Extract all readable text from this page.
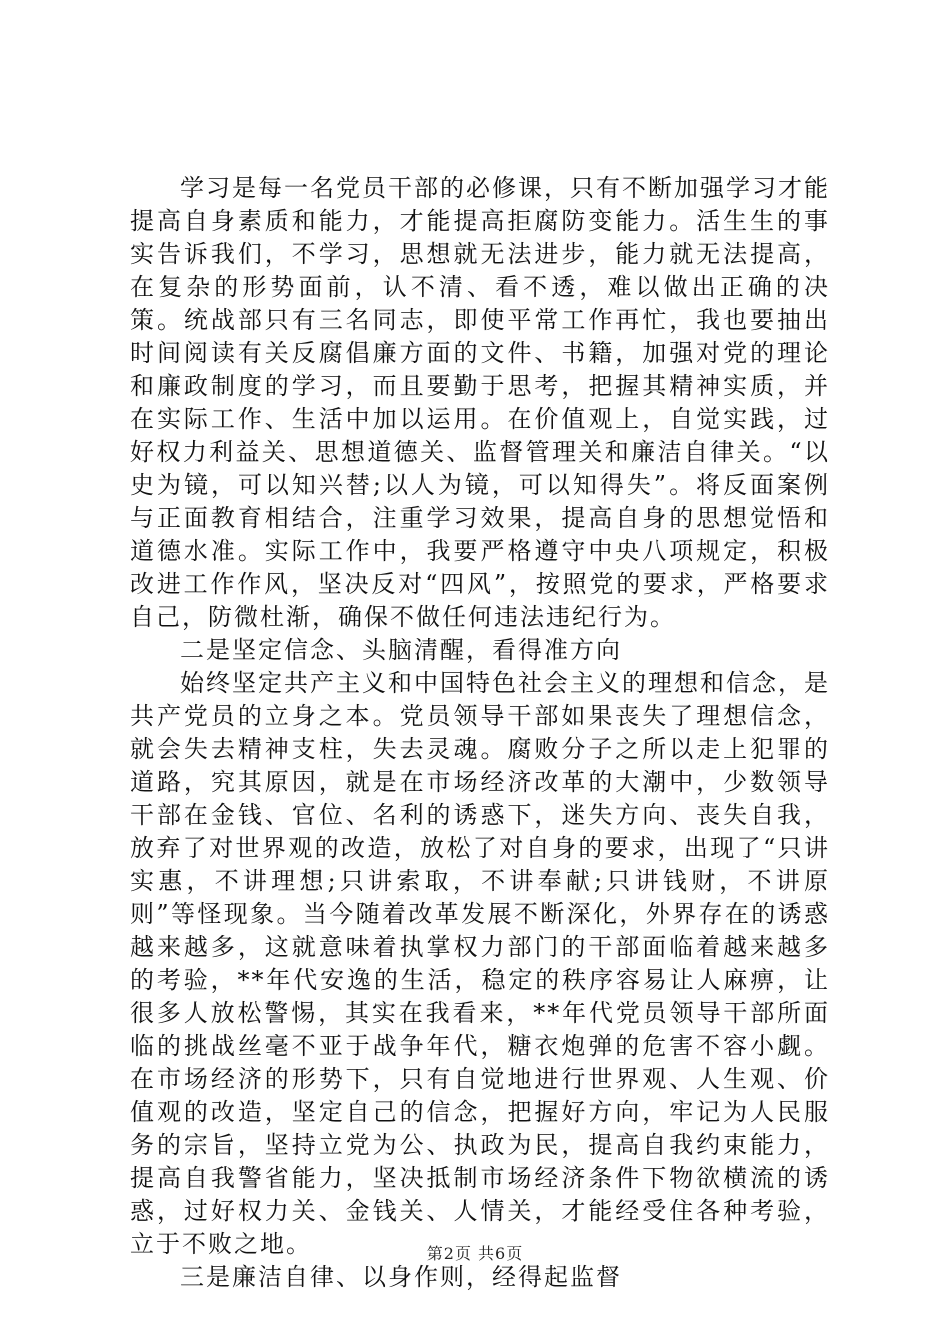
学习是每一名党员干部的必修课，只有不断加强学习才能提高自身素质和能力，才能提高拒腐防变能力。活生生的事实告诉我们，不学习，思想就无法进步，能力就无法提高，在复杂的形势面前，认不清、看不透，难以做出正确的决策。统战部只有三名同志，即使平常工作再忙，我也要抽出时间阅读有关反腐倡廉方面的文件、书籍，加强对党的理论和廉政制度的学习，而且要勤于思考，把握其精神实质，并在实际工作、生活中加以运用。在价值观上，自觉实践，过好权力利益关、思想道德关、监督管理关和廉洁自律关。“以史为镜，可以知兴替;以人为镜，可以知得失”。将反面案例与正面教育相结合，注重学习效果，提高自身的思想觉悟和道德水准。实际工作中，我要严格遵守中央八项规定，积极改进工作作风，坚决反对“四风”，按照党的要求，严格要求自己，防微杜渐，确保不做任何违法违纪行为。

二是坚定信念、头脑清醒，看得准方向

始终坚定共产主义和中国特色社会主义的理想和信念，是共产党员的立身之本。党员领导干部如果丧失了理想信念，就会失去精神支柱，失去灵魂。腐败分子之所以走上犯罪的道路，究其原因，就是在市场经济改革的大潮中，少数领导干部在金钱、官位、名利的诱惑下，迷失方向、丧失自我，放弃了对世界观的改造，放松了对自身的要求，出现了“只讲实惠，不讲理想;只讲索取，不讲奉献;只讲钱财，不讲原则”等怪现象。当今随着改革发展不断深化，外界存在的诱惑越来越多，这就意味着执掌权力部门的干部面临着越来越多的考验，**年代安逸的生活，稳定的秩序容易让人麻痹，让很多人放松警惕，其实在我看来，**年代党员领导干部所面临的挑战丝毫不亚于战争年代，糖衣炮弹的危害不容小觑。在市场经济的形势下，只有自觉地进行世界观、人生观、价值观的改造，坚定自己的信念，把握好方向，牢记为人民服务的宗旨，坚持立党为公、执政为民，提高自我约束能力，提高自我警省能力，坚决抵制市场经济条件下物欲横流的诱惑，过好权力关、金钱关、人情关，才能经受住各种考验，立于不败之地。

三是廉洁自律、以身作则，经得起监督

第2页 共6页
